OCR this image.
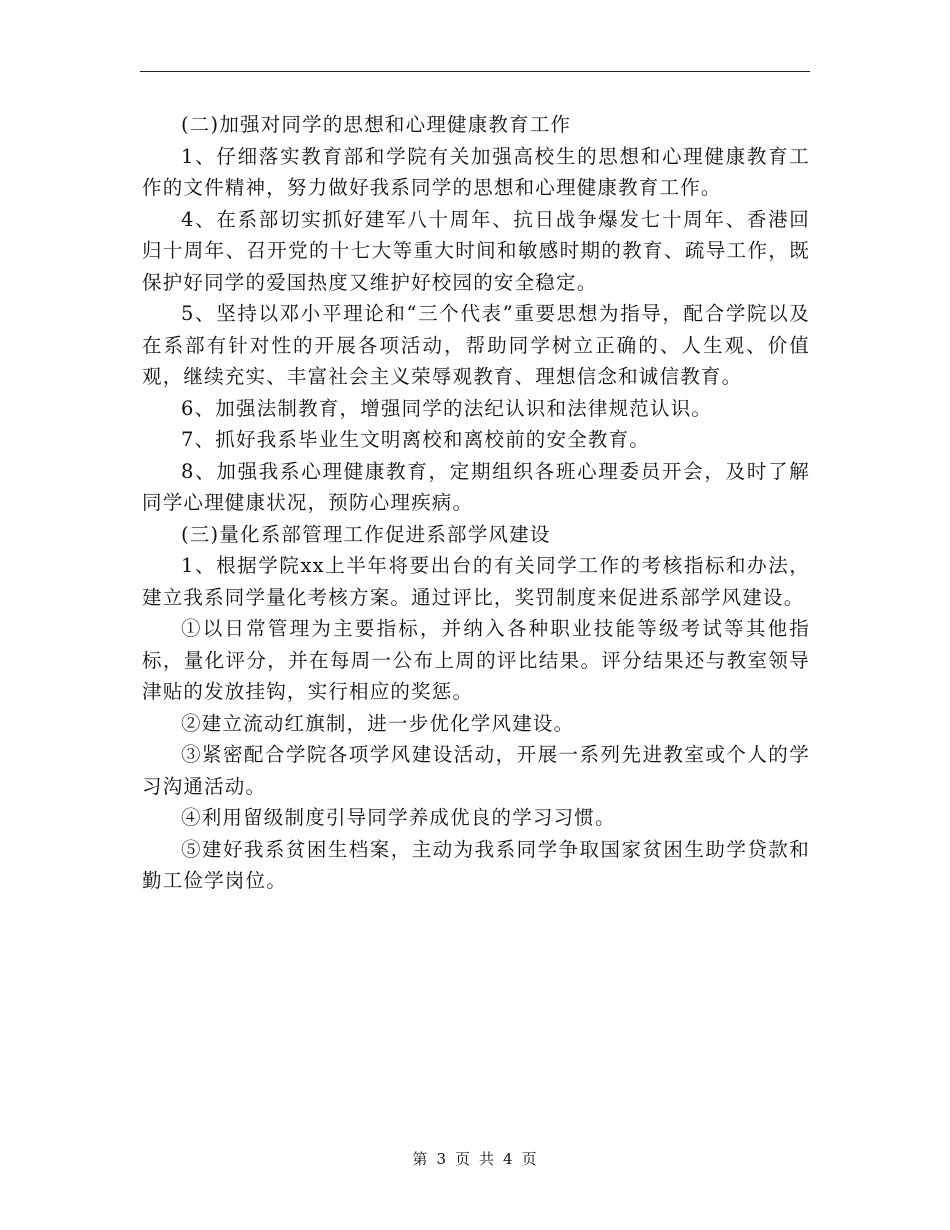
(二)加强对同学的思想和心理健康教育工作

1、仔细落实教育部和学院有关加强高校生的思想和心理健康教育工作的文件精神，努力做好我系同学的思想和心理健康教育工作。

4、在系部切实抓好建军八十周年、抗日战争爆发七十周年、香港回归十周年、召开党的十七大等重大时间和敏感时期的教育、疏导工作，既保护好同学的爱国热度又维护好校园的安全稳定。

5、坚持以邓小平理论和“三个代表”重要思想为指导，配合学院以及在系部有针对性的开展各项活动，帮助同学树立正确的、人生观、价值观，继续充实、丰富社会主义荣辱观教育、理想信念和诚信教育。

6、加强法制教育，增强同学的法纪认识和法律规范认识。

7、抓好我系毕业生文明离校和离校前的安全教育。

8、加强我系心理健康教育，定期组织各班心理委员开会，及时了解同学心理健康状况，预防心理疾病。

(三)量化系部管理工作促进系部学风建设

1、根据学院xx上半年将要出台的有关同学工作的考核指标和办法，建立我系同学量化考核方案。通过评比，奖罚制度来促进系部学风建设。

①以日常管理为主要指标，并纳入各种职业技能等级考试等其他指标，量化评分，并在每周一公布上周的评比结果。评分结果还与教室领导津贴的发放挂钩，实行相应的奖惩。

②建立流动红旗制，进一步优化学风建设。

③紧密配合学院各项学风建设活动，开展一系列先进教室或个人的学习沟通活动。

④利用留级制度引导同学养成优良的学习习惯。

⑤建好我系贫困生档案，主动为我系同学争取国家贫困生助学贷款和勤工俭学岗位。

第 3 页 共 4 页
